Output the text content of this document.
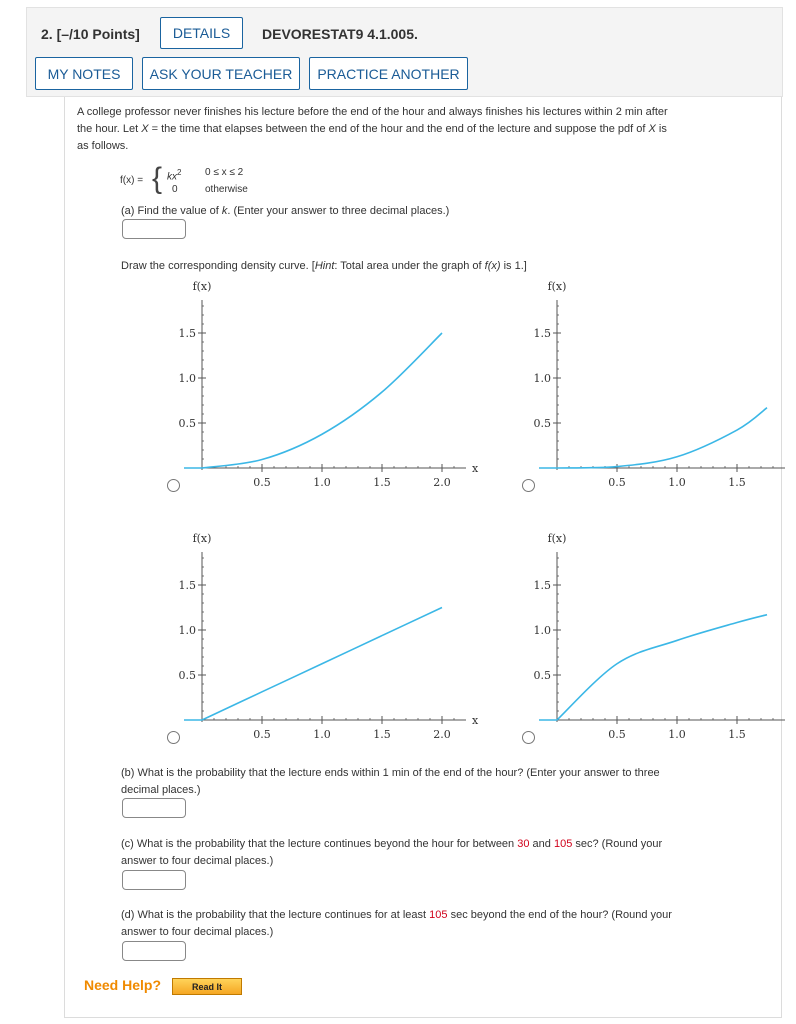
2. [–/10 Points]	DETAILS	DEVORESTAT9 4.1.005.
MY NOTES	ASK YOUR TEACHER	PRACTICE ANOTHER
A college professor never finishes his lecture before the end of the hour and always finishes his lectures within 2 min after
the hour. Let X = the time that elapses between the end of the hour and the end of the lecture and suppose the pdf of X is
as follows.
f(x) = { $kx^2$ 0 ≤ x ≤ 2
0	otherwise
(a) Find the value of k. (Enter your answer to three decimal places.)
Draw the corresponding density curve. [Hint: Total area under the graph of f(x) is 1.]
1.5
1.0
0.5
0.5	1.0	1.5	2.0
f(x)
x
1.5
1.0
0.5
0.5	1.0	1.5
f(x)
1.5
1.0
0.5
0.5	1.0	1.5	2.0
f(x)
x
1.5
1.0
0.5
0.5	1.0	1.5
f(x)
(b) What is the probability that the lecture ends within 1 min of the end of the hour? (Enter your answer to three
decimal places.)
(c) What is the probability that the lecture continues beyond the hour for between 30 and 105 sec? (Round your
answer to four decimal places.)
(d) What is the probability that the lecture continues for at least 105 sec beyond the end of the hour? (Round your
answer to four decimal places.)
Need Help?	Read It
